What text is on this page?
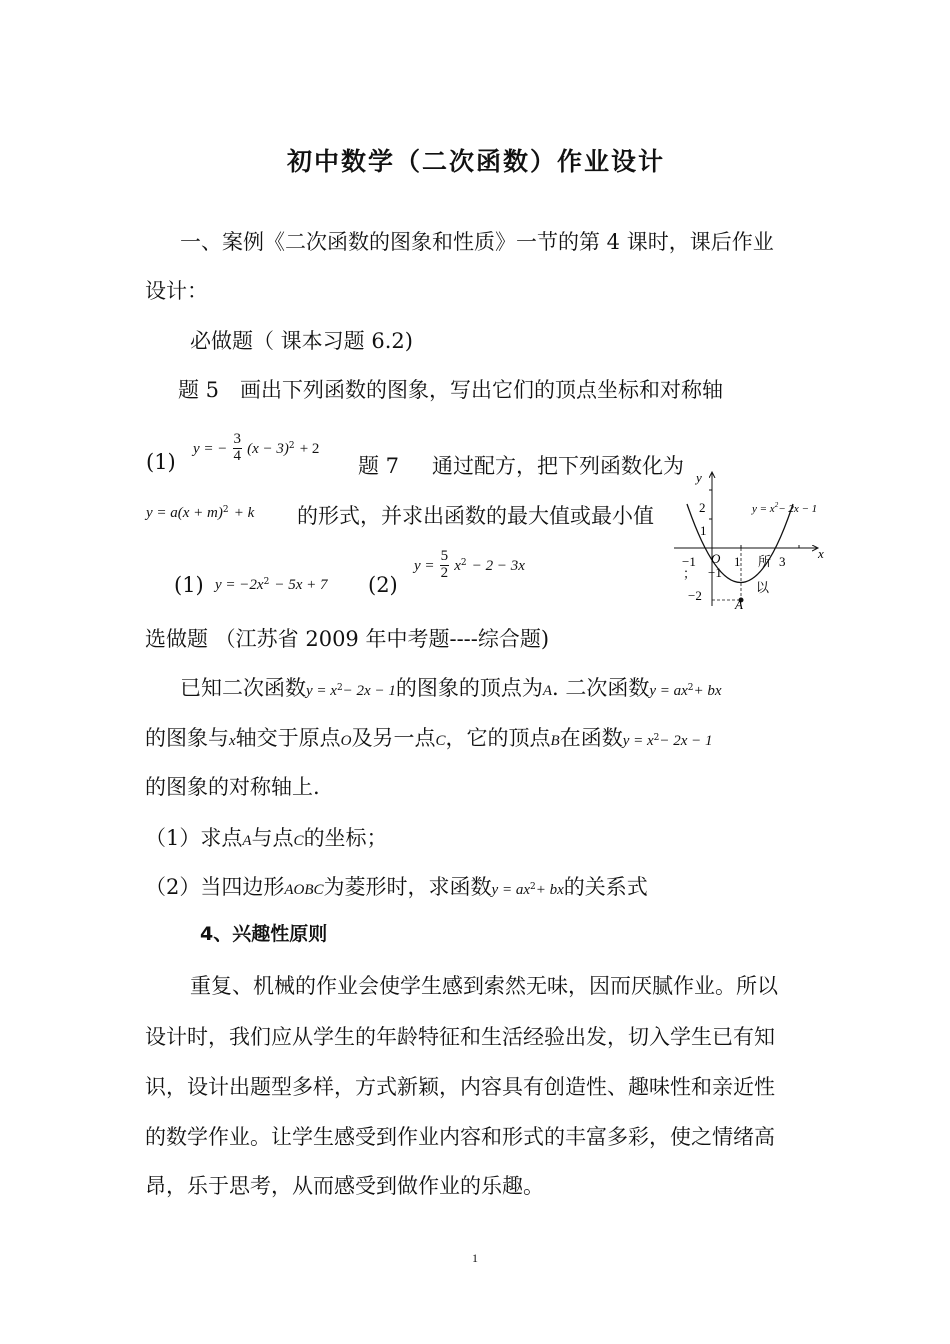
初中数学（二次函数）作业设计
一、案例《二次函数的图象和性质》一节的第 4 课时，课后作业
设计：
必做题（ 课本习题 6.2)
题 5 画出下列函数的图象，写出它们的顶点坐标和对称轴
(1)
y = − $\frac{3}{4} (x - 3)^2 + 2$
题 7 通过配方，把下列函数化为
$y = a(x + m)^2 + k$ 的形式，并求出函数的最大值或最小值
(1) $y = -2x^2 - 5x + 7$ (2)
$y = \frac{5}{2} x^2 - 2 - 3x$
y
x
$y = x^2- 2x - 1$
2
1
−1 O
−1
；
1 所 3
以
−2
A
选做题 （江苏省 2009 年中考题----综合题)
已知二次函数$y = x^2- 2x - 1$的图象的顶点为A. 二次函数$y = ax^2+$ bx
的图象与x轴交于原点O及另一点C，它的顶点B在函数$y = x^2- 2x - 1$
的图象的对称轴上.
（1）求点A与点C的坐标；
（2）当四边形AOBC为菱形时，求函数$y = ax^2+$ bx的关系式
4、兴趣性原则
重复、机械的作业会使学生感到索然无味，因而厌腻作业。所以
设计时，我们应从学生的年龄特征和生活经验出发，切入学生已有知
识，设计出题型多样，方式新颖，内容具有创造性、趣味性和亲近性
的数学作业。让学生感受到作业内容和形式的丰富多彩，使之情绪高
昂，乐于思考，从而感受到做作业的乐趣。
1
